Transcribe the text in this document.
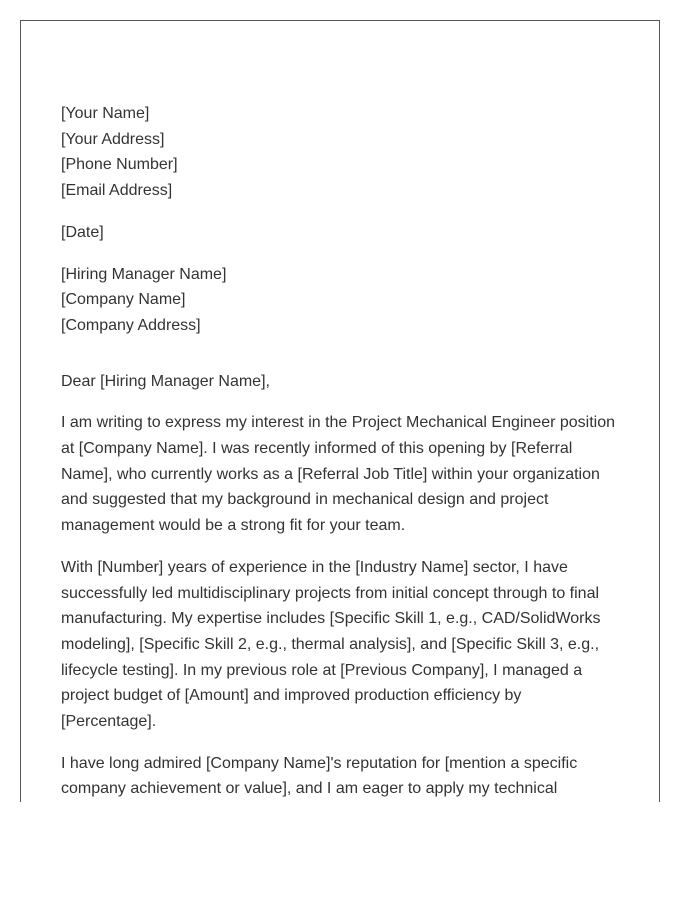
[Your Name]
[Your Address]
[Phone Number]
[Email Address]
[Date]
[Hiring Manager Name]
[Company Name]
[Company Address]

Dear [Hiring Manager Name],

I am writing to express my interest in the Project Mechanical Engineer position at [Company Name]. I was recently informed of this opening by [Referral Name], who currently works as a [Referral Job Title] within your organization and suggested that my background in mechanical design and project management would be a strong fit for your team.

With [Number] years of experience in the [Industry Name] sector, I have successfully led multidisciplinary projects from initial concept through to final manufacturing. My expertise includes [Specific Skill 1, e.g., CAD/SolidWorks modeling], [Specific Skill 2, e.g., thermal analysis], and [Specific Skill 3, e.g., lifecycle testing]. In my previous role at [Previous Company], I managed a project budget of [Amount] and improved production efficiency by [Percentage].

I have long admired [Company Name]'s reputation for [mention a specific company achievement or value], and I am eager to apply my technical
